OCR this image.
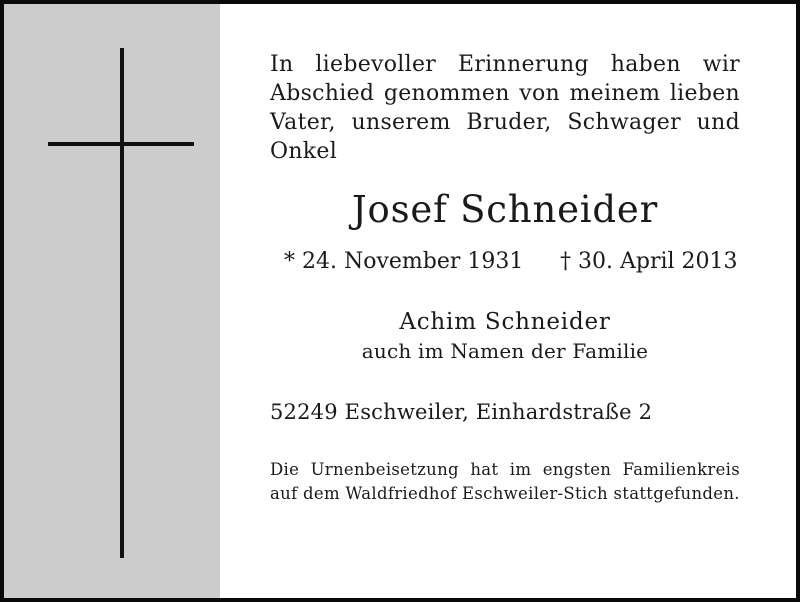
In liebevoller Erinnerung haben wir Abschied genommen von meinem lieben Vater, unserem Bruder, Schwager und Onkel

Josef Schneider
* 24. November 1931 † 30. April 2013

Achim Schneider

auch im Namen der Familie

52249 Eschweiler, Einhardstraße 2

Die Urnenbeisetzung hat im engsten Familienkreis auf dem Waldfriedhof Eschweiler-Stich stattgefunden.
